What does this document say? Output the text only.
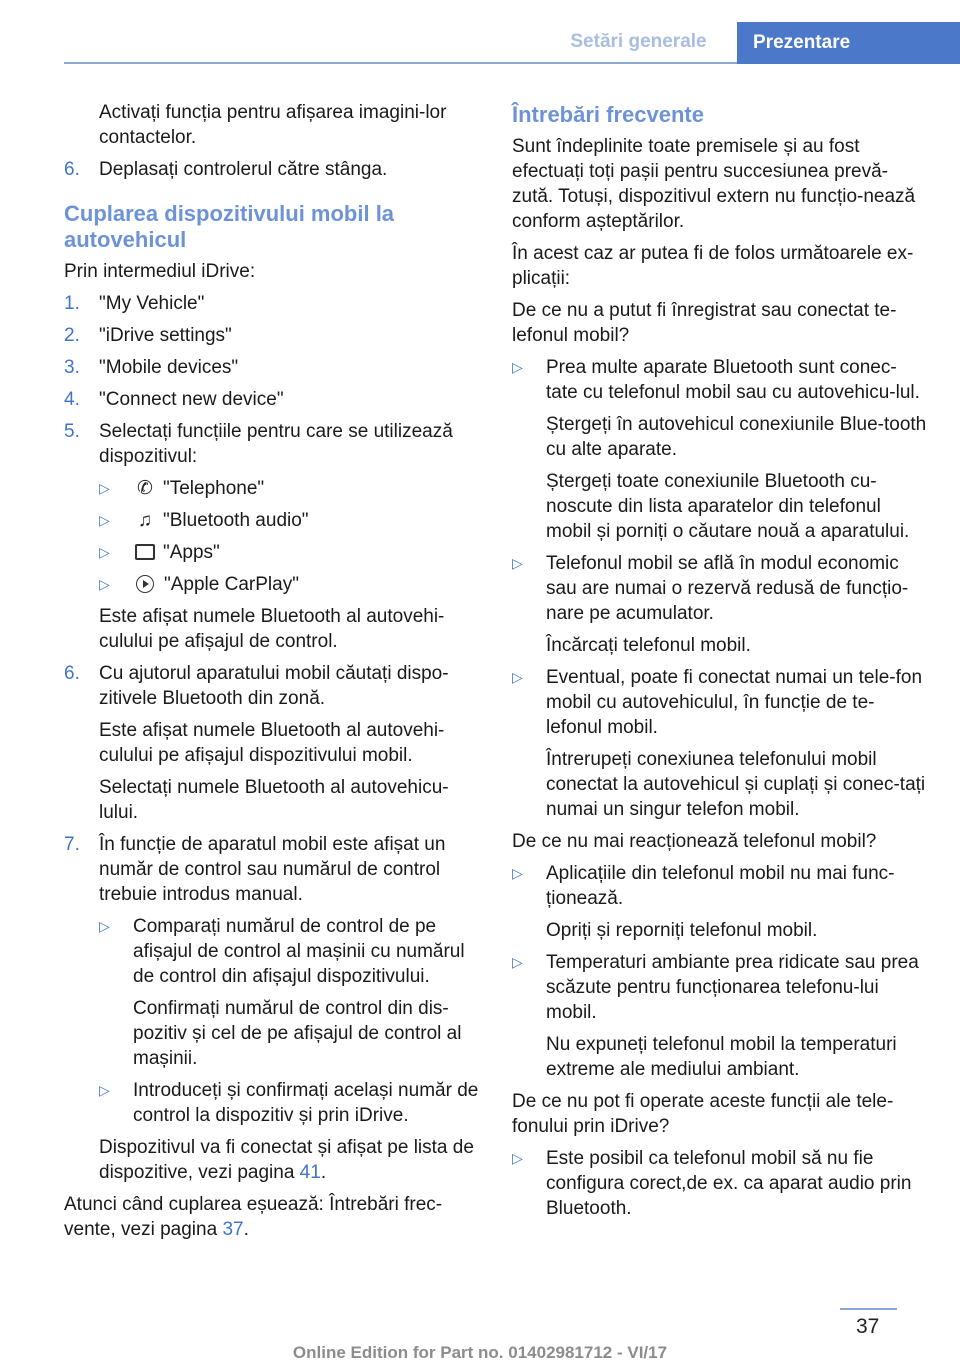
Setări generale	Prezentare
Activați funcția pentru afișarea imagini‐lor contactelor.
6.	Deplasați controlerul către stânga.
Cuplarea dispozitivului mobil la autovehicul
Prin intermediul iDrive:
1.	"My Vehicle"
2.	"iDrive settings"
3.	"Mobile devices"
4.	"Connect new device"
5.	Selectați funcțiile pentru care se utilizează dispozitivul:
▷	✆ "Telephone"
▷	♫ "Bluetooth audio"
▷	"Apps"
▷	"Apple CarPlay"
Este afișat numele Bluetooth al autovehi‐culului pe afișajul de control.
6.	Cu ajutorul aparatului mobil căutați dispo‐zitivele Bluetooth din zonă.
Este afișat numele Bluetooth al autovehi‐culului pe afișajul dispozitivului mobil.
Selectați numele Bluetooth al autovehicu‐lului.
7.	În funcție de aparatul mobil este afișat un număr de control sau numărul de control trebuie introdus manual.
▷	Comparați numărul de control de pe afișajul de control al mașinii cu numărul de control din afișajul dispozitivului.
Confirmați numărul de control din dis‐pozitiv și cel de pe afișajul de control al mașinii.
▷	Introduceți și confirmați același număr de control la dispozitiv și prin iDrive.
Dispozitivul va fi conectat și afișat pe lista de dispozitive, vezi pagina 41.
Atunci când cuplarea eșuează: Întrebări frec‐vente, vezi pagina 37.
Întrebări frecvente
Sunt îndeplinite toate premisele și au fost efectuați toți pașii pentru succesiunea prevă‐zută. Totuși, dispozitivul extern nu funcțio‐nează conform așteptărilor.
În acest caz ar putea fi de folos următoarele ex‐plicații:
De ce nu a putut fi înregistrat sau conectat te‐lefonul mobil?
▷	Prea multe aparate Bluetooth sunt conec‐tate cu telefonul mobil sau cu autovehicu‐lul.
Ștergeți în autovehicul conexiunile Blue‐tooth cu alte aparate.
Ștergeți toate conexiunile Bluetooth cu‐noscute din lista aparatelor din telefonul mobil și porniți o căutare nouă a aparatului.
▷	Telefonul mobil se află în modul economic sau are numai o rezervă redusă de funcțio‐nare pe acumulator.
Încărcați telefonul mobil.
▷	Eventual, poate fi conectat numai un tele‐fon mobil cu autovehiculul, în funcție de te‐lefonul mobil.
Întrerupeți conexiunea telefonului mobil conectat la autovehicul și cuplați și conec‐tați numai un singur telefon mobil.
De ce nu mai reacționează telefonul mobil?
▷	Aplicațiile din telefonul mobil nu mai func‐ționează.
Opriți și reporniți telefonul mobil.
▷	Temperaturi ambiante prea ridicate sau prea scăzute pentru funcționarea telefonu‐lui mobil.
Nu expuneți telefonul mobil la temperaturi extreme ale mediului ambiant.
De ce nu pot fi operate aceste funcții ale tele‐fonului prin iDrive?
▷	Este posibil ca telefonul mobil să nu fie configura corect,de ex. ca aparat audio prin Bluetooth.
37
Online Edition for Part no. 01402981712 - VI/17
